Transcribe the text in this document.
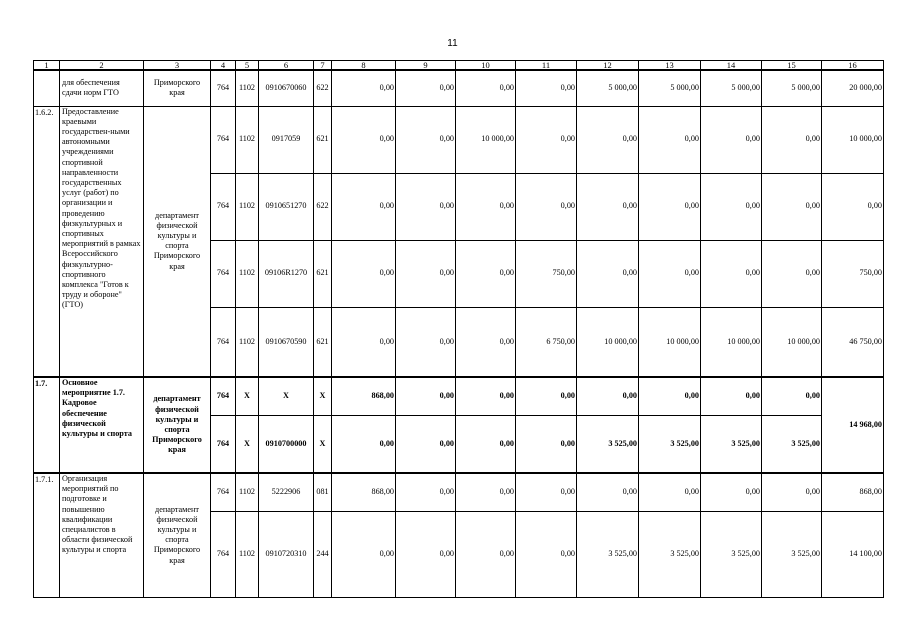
11
1	2	3	4	5	6	7	8	9	10	11	12	13	14	15	16
	для обеспечения сдачи норм ГТО	Приморского края	764	1102	0910670060	622	0,00	0,00	0,00	0,00	5 000,00	5 000,00	5 000,00	5 000,00	20 000,00
1.6.2.	Предоставление краевыми государствен-ными автономными учреждениями спортивной направленности государственных услуг (работ) по организации и проведению физкультурных и спортивных мероприятий в рамках Всероссийского физкультурно-спортивного комплекса "Готов к труду и обороне" (ГТО)	департамент физической культуры и спорта Приморского края	764	1102	0917059	621	0,00	0,00	10 000,00	0,00	0,00	0,00	0,00	0,00	10 000,00
			764	1102	0910651270	622	0,00	0,00	0,00	0,00	0,00	0,00	0,00	0,00	0,00
			764	1102	09106R1270	621	0,00	0,00	0,00	750,00	0,00	0,00	0,00	0,00	750,00
			764	1102	0910670590	621	0,00	0,00	0,00	6 750,00	10 000,00	10 000,00	10 000,00	10 000,00	46 750,00
1.7.	Основное мероприятие 1.7. Кадровое обеспечение физической культуры и спорта	департамент физической культуры и спорта Приморского края	764	X	X	X	868,00	0,00	0,00	0,00	0,00	0,00	0,00	0,00	14 968,00
			764	X	0910700000	X	0,00	0,00	0,00	0,00	3 525,00	3 525,00	3 525,00	3 525,00	
1.7.1.	Организация мероприятий по подготовке и повышению квалификации специалистов в области физической культуры и спорта	департамент физической культуры и спорта Приморского края	764	1102	5222906	081	868,00	0,00	0,00	0,00	0,00	0,00	0,00	0,00	868,00
			764	1102	0910720310	244	0,00	0,00	0,00	0,00	3 525,00	3 525,00	3 525,00	3 525,00	14 100,00
